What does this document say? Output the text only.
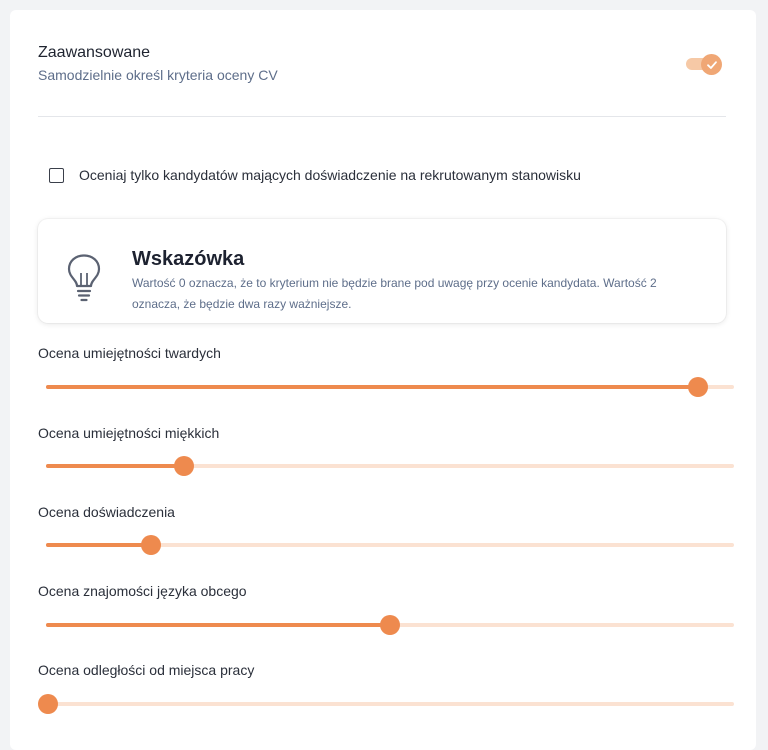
Zaawansowane
Samodzielnie określ kryteria oceny CV
Oceniaj tylko kandydatów mających doświadczenie na rekrutowanym stanowisku
Wskazówka
Wartość 0 oznacza, że to kryterium nie będzie brane pod uwagę przy ocenie kandydata. Wartość 2 oznacza, że będzie dwa razy ważniejsze.
Ocena umiejętności twardych
Ocena umiejętności miękkich
Ocena doświadczenia
Ocena znajomości języka obcego
Ocena odległości od miejsca pracy
